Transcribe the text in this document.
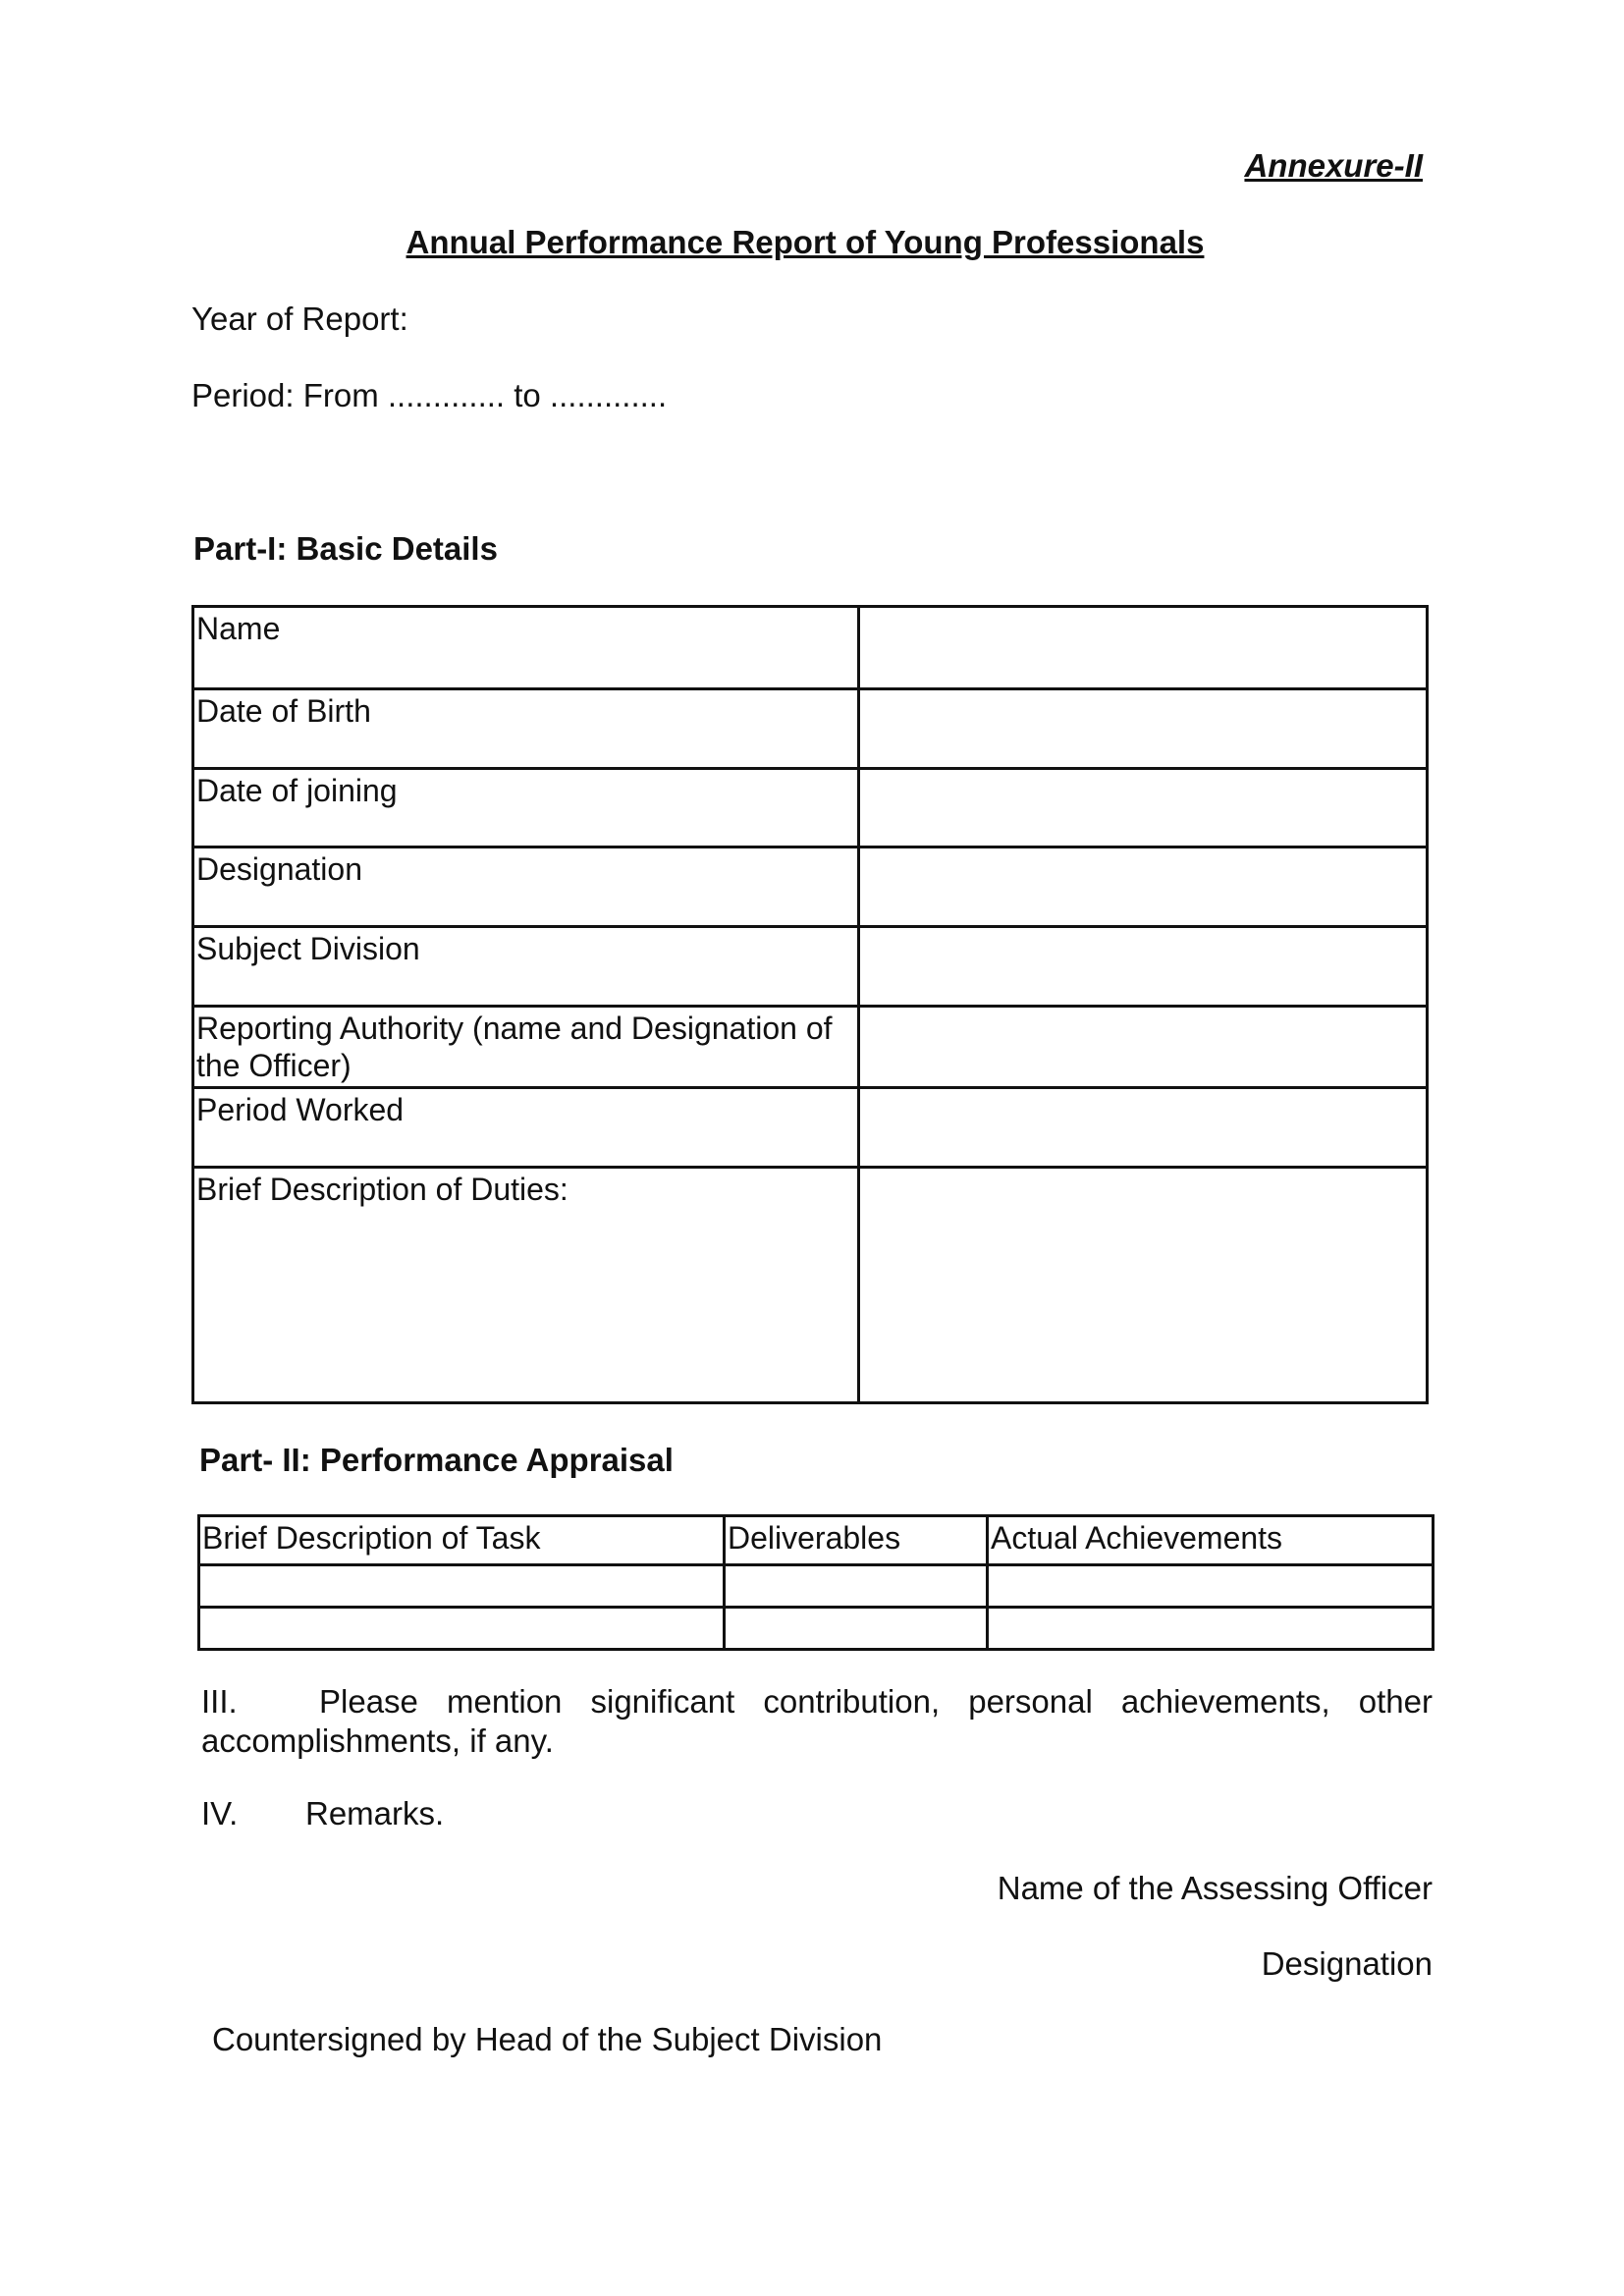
Annexure-II
Annual Performance Report of Young Professionals
Year of Report:
Period: From ............. to .............
Part-I: Basic Details
Name	
Date of Birth	
Date of joining	
Designation	
Subject Division	
Reporting Authority (name and Designation of the Officer)	
Period Worked	
Brief Description of Duties:	
Part- II: Performance Appraisal
Brief Description of Task	Deliverables	Actual Achievements

III.	Please mention significant contribution, personal achievements, other accomplishments, if any.
IV. Remarks.
Name of the Assessing Officer
Designation
Countersigned by Head of the Subject Division
